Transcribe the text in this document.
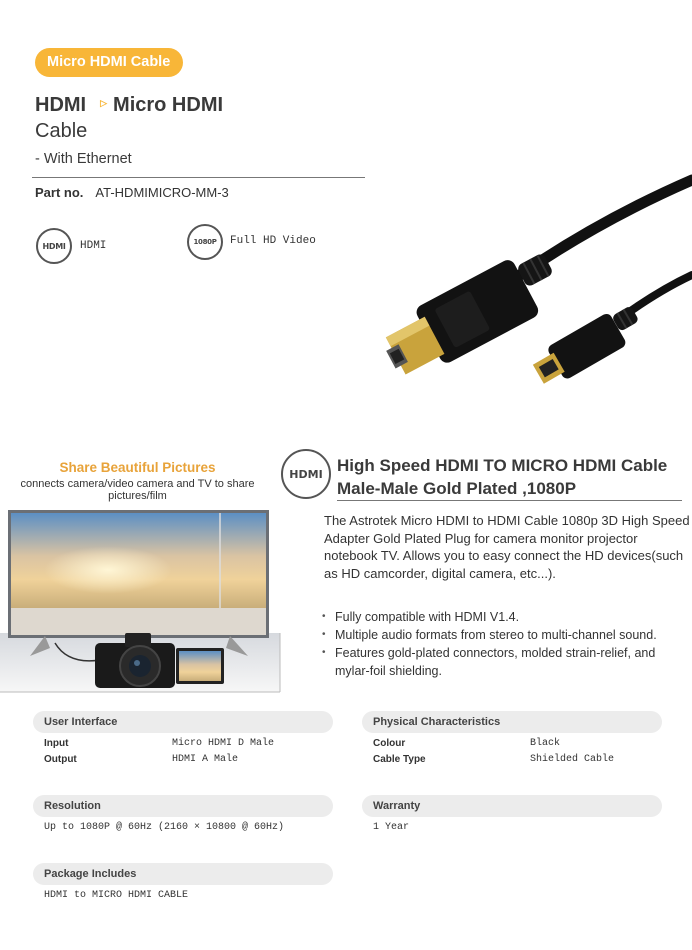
Micro HDMI Cable
HDMI ▷ Micro HDMI
Cable
- With Ethernet
Part no. AT-HDMIMICRO-MM-3
HDMI	HDMI	1080P	Full HD Video
Share Beautiful Pictures
connects camera/video camera and TV to share pictures/film
HDMI High Speed HDMI TO MICRO HDMI Cable
Male-Male Gold Plated ,1080P
The Astrotek Micro HDMI to HDMI Cable 1080p 3D High Speed Adapter Gold Plated Plug for camera monitor projector notebook TV. Allows you to easy connect the HD devices(such as HD camcorder, digital camera, etc...).
• Fully compatible with HDMI V1.4.
• Multiple audio formats from stereo to multi-channel sound.
• Features gold-plated connectors, molded strain-relief, and mylar-foil shielding.
User Interface
Input	Micro HDMI D Male
Output	HDMI A Male
Physical Characteristics
Colour	Black
Cable Type	Shielded Cable
Resolution
Up to 1080P @ 60Hz (2160 × 10800 @ 60Hz)
Warranty
1 Year
Package Includes
HDMI to MICRO HDMI CABLE
